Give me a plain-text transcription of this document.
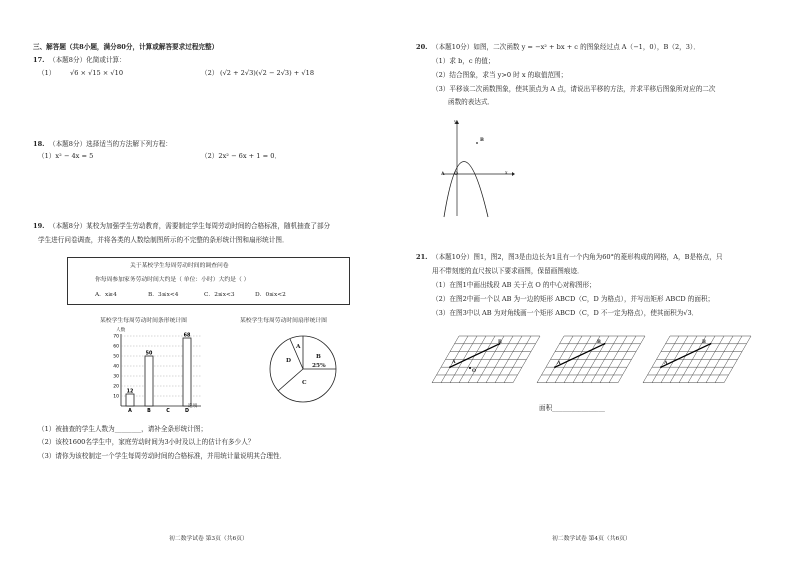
三、解答题（共8小题，满分80分，计算或解答要求过程完整）
17. （本题8分）化简或计算：
（1） √6 × √15 × √10	（2） (√2 + 2√3)(√2 − 2√3) + √18
18. （本题8分）选择适当的方法解下列方程：
（1）x² − 4x = 5	（2）2x² − 6x + 1 = 0．
19. （本题8分）某校为加强学生劳动教育，需要制定学生每周劳动时间的合格标准，随机抽查了部分
学生进行问卷调查，并将各类的人数绘制图所示的不完整的条形统计图和扇形统计图．
关于某校学生每周劳动时间的调查问卷
你每周参加家务劳动时间大约是（ 单位：小时）大约是（ ）
A．x≥4	B．3≤x<4	C．2≤x<3	D．0≤x<2
某校学生每周劳动时间条形统计图
10
20
30
40
50
60
70
12
A
50
B	C
68
D
人数
选项
某校学生每周劳动时间扇形统计图
A
B
25%
C
D
（1）被抽查的学生人数为________，请补全条形统计图；
（2）该校1600名学生中，家庭劳动时间为3小时及以上的估计有多少人？
（3）请你为该校制定一个学生每周劳动时间的合格标准，并用统计量说明其合理性．
初二数学试卷 第3页（共6页）
20. （本题10分）如图，二次函数 y = −x² + bx + c 的图象经过点 A（−1，0），B（2，3）．
（1）求 b，c 的值；
（2）结合图象，求当 y>0 时 x 的取值范围；
（3）平移该二次函数图象，使其顶点为 A 点，请说出平移的方法，并求平移后图象所对应的二次
函数的表达式．
y
x
A O
B
21. （本题10分）图1，图2，图3是由边长为1且有一个内角为60°的菱形构成的网格，A，B是格点，只
用不带刻度的直尺按以下要求画图，保留画图痕迹．
（1）在图1中画出线段 AB 关于点 O 的中心对称图形；
（2）在图2中画一个以 AB 为一边的矩形 ABCD（C，D 为格点），并写出矩形 ABCD 的面积；
（3）在图3中以 AB 为对角线画一个矩形 ABCD（C，D 不一定为格点），使其面积为√3．
A
B
O
A
B
A
B
面积________________
初二数学试卷 第4页（共6页）
